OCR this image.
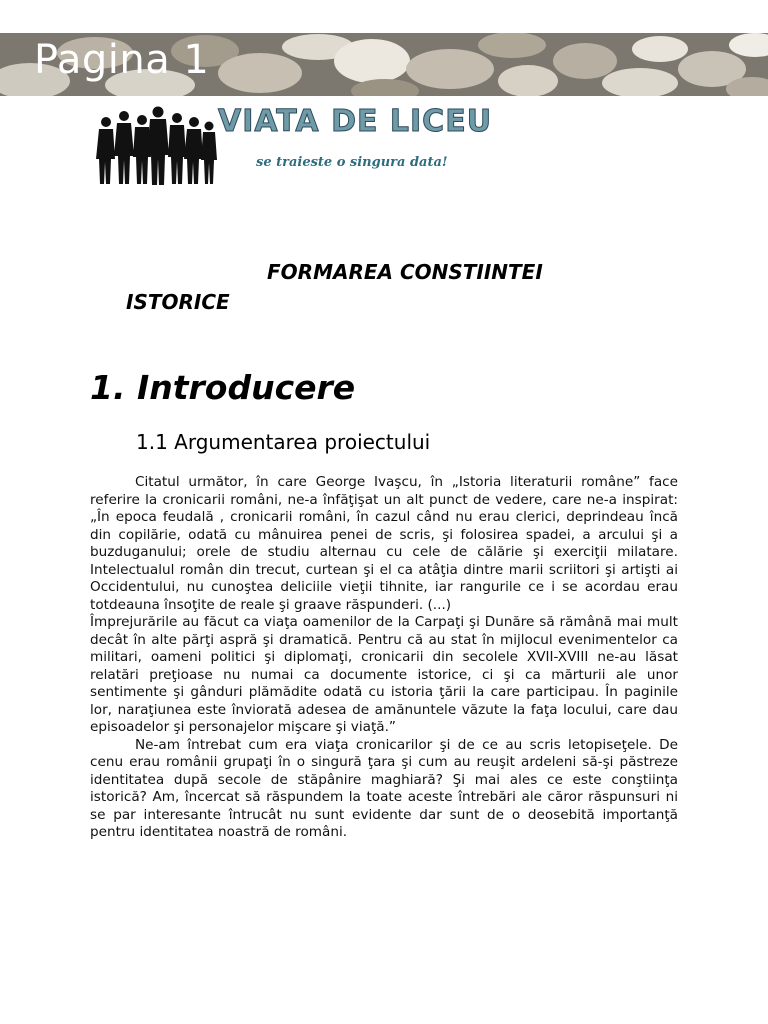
Pagina 1
VIATA DE LICEU
se traieste o singura data!
FORMAREA CONSTIINTEI
ISTORICE
1. Introducere
1.1 Argumentarea proiectului

Citatul următor, în care George Ivaşcu, în „Istoria literaturii române” face referire la cronicarii români, ne-a înfăţişat un alt punct de vedere, care ne-a inspirat: „În epoca feudală , cronicarii români, în cazul când nu erau clerici, deprindeau încă din copilărie, odată cu mânuirea penei de scris, şi folosirea spadei, a arcului şi a buzduganului; orele de studiu alternau cu cele de călărie şi exerciţii milatare. Intelectualul român din trecut, curtean şi el ca atâţia dintre marii scriitori şi artişti ai Occidentului, nu cunoştea deliciile vieţii tihnite, iar rangurile ce i se acordau erau totdeauna însoţite de reale şi graave răspunderi. (...)

Împrejurările au făcut ca viaţa oamenilor de la Carpaţi şi Dunăre să rămână mai mult decât în alte părţi aspră şi dramatică. Pentru că au stat în mijlocul evenimentelor ca militari, oameni politici şi diplomaţi, cronicarii din secolele XVII-XVIII ne-au lăsat relatări preţioase nu numai ca documente istorice, ci şi ca mărturii ale unor sentimente şi gânduri plămădite odată cu istoria ţării la care participau. În paginile lor, naraţiunea este înviorată adesea de amănuntele văzute la faţa locului, care dau episoadelor şi personajelor mişcare şi viaţă.”

Ne-am întrebat cum era viaţa cronicarilor şi de ce au scris letopiseţele. De cenu erau românii grupaţi în o singură ţara şi cum au reuşit ardeleni să-şi păstreze identitatea după secole de stăpânire maghiară? Şi mai ales ce este conştiinţa istorică? Am, încercat să răspundem la toate aceste întrebări ale căror răspunsuri ni se par interesante întrucât nu sunt evidente dar sunt de o deosebită importanţă pentru identitatea noastră de români.
